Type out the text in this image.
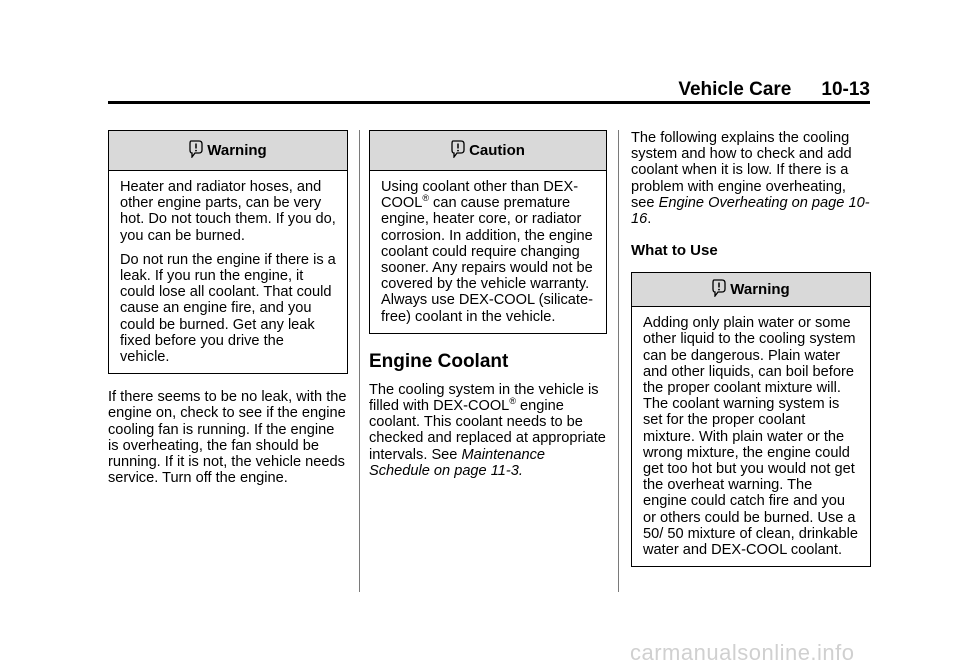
Vehicle Care 10-13
Warning

Heater and radiator hoses, and other engine parts, can be very hot. Do not touch them. If you do, you can be burned.

Do not run the engine if there is a leak. If you run the engine, it could lose all coolant. That could cause an engine fire, and you could be burned. Get any leak fixed before you drive the vehicle.

If there seems to be no leak, with the engine on, check to see if the engine cooling fan is running. If the engine is overheating, the fan should be running. If it is not, the vehicle needs service. Turn off the engine.

Caution

Using coolant other than DEX-COOL® can cause premature engine, heater core, or radiator corrosion. In addition, the engine coolant could require changing sooner. Any repairs would not be covered by the vehicle warranty. Always use DEX-COOL (silicate-free) coolant in the vehicle.

Engine Coolant

The cooling system in the vehicle is filled with DEX-COOL® engine coolant. This coolant needs to be checked and replaced at appropriate intervals. See Maintenance Schedule on page 11-3.

The following explains the cooling system and how to check and add coolant when it is low. If there is a problem with engine overheating, see Engine Overheating on page 10-16.

What to Use
Warning

Adding only plain water or some other liquid to the cooling system can be dangerous. Plain water and other liquids, can boil before the proper coolant mixture will. The coolant warning system is set for the proper coolant mixture. With plain water or the wrong mixture, the engine could get too hot but you would not get the overheat warning. The engine could catch fire and you or others could be burned. Use a 50/ 50 mixture of clean, drinkable water and DEX-COOL coolant.

carmanualsonline.info
